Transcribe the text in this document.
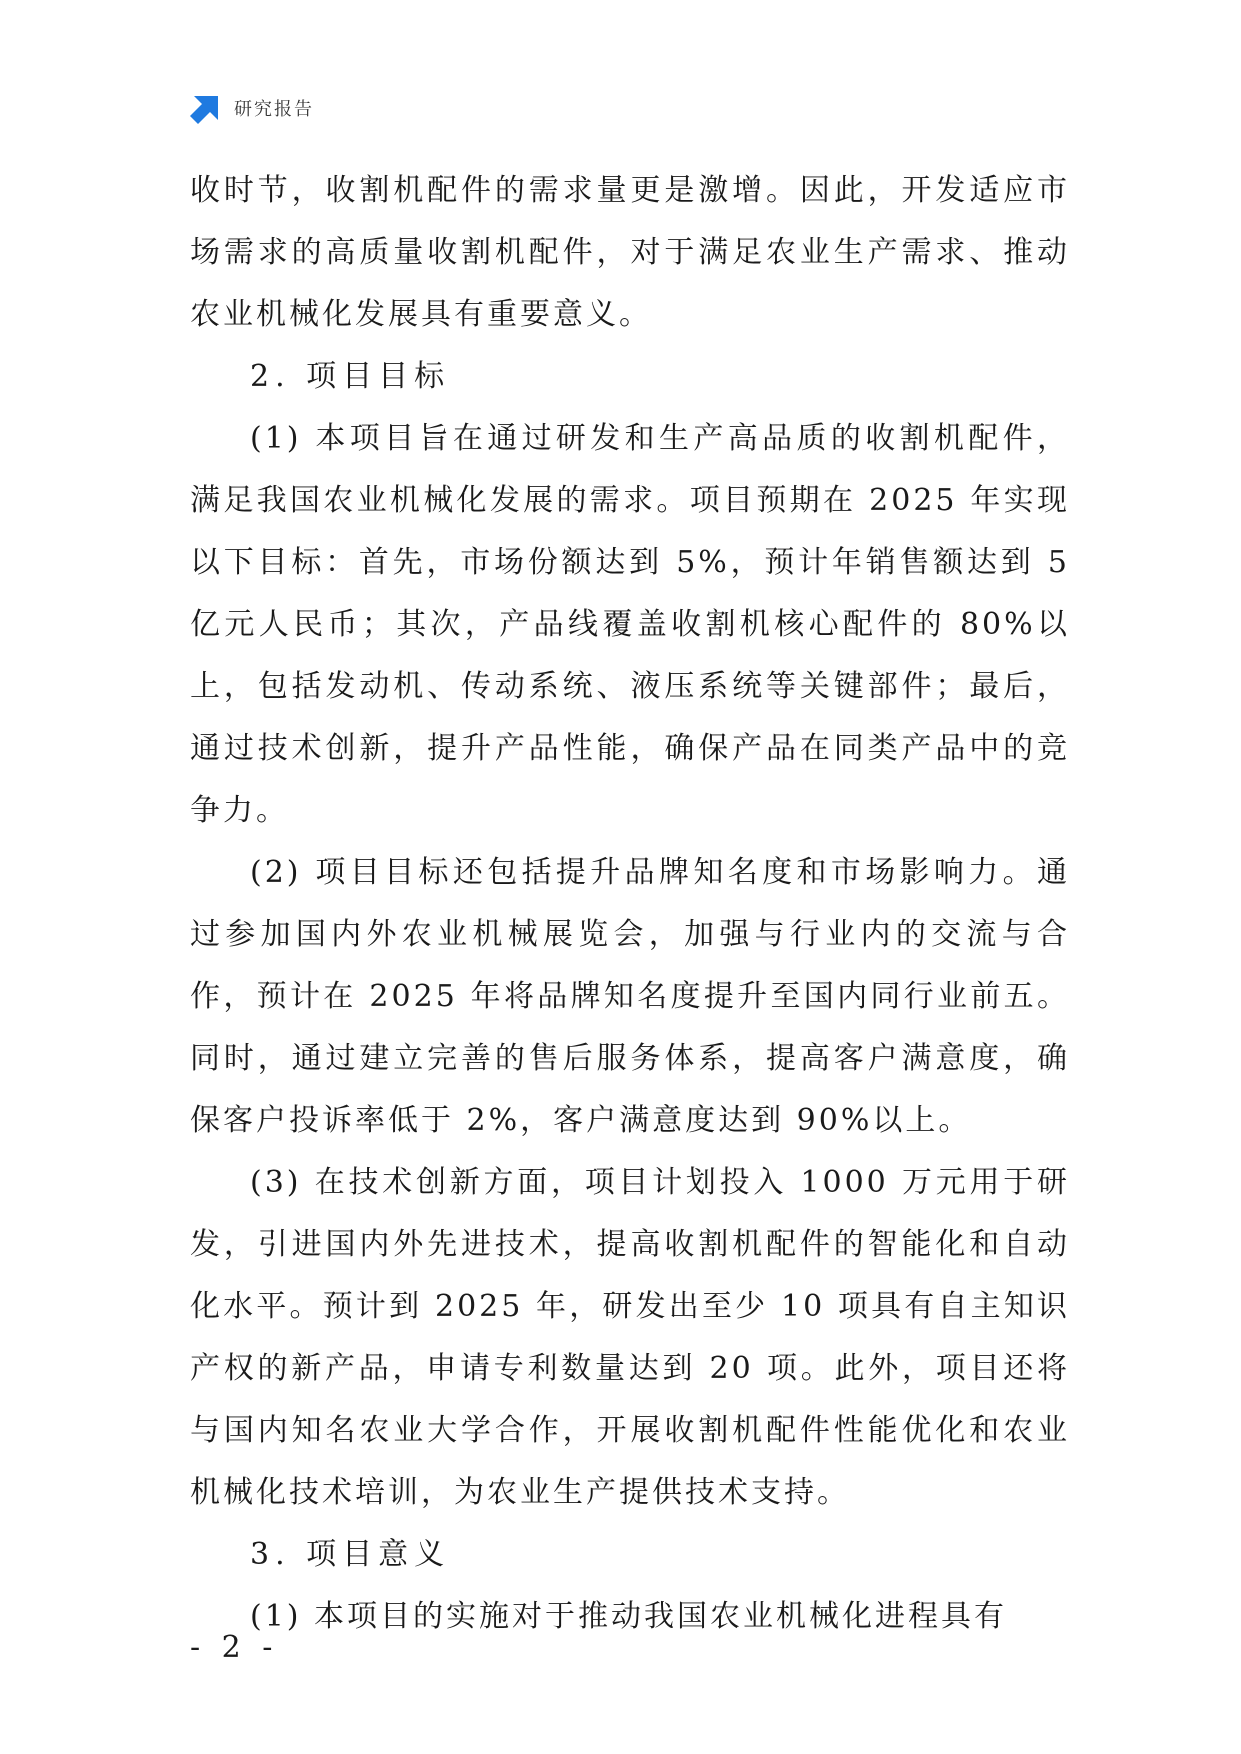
研究报告

收时节，收割机配件的需求量更是激增。因此，开发适应市场需求的高质量收割机配件，对于满足农业生产需求、推动农业机械化发展具有重要意义。

2. 项目目标

(1) 本项目旨在通过研发和生产高品质的收割机配件，满足我国农业机械化发展的需求。项目预期在 2025 年实现以下目标：首先，市场份额达到 5%，预计年销售额达到 5 亿元人民币；其次，产品线覆盖收割机核心配件的 80%以上，包括发动机、传动系统、液压系统等关键部件；最后，通过技术创新，提升产品性能，确保产品在同类产品中的竞争力。

(2) 项目目标还包括提升品牌知名度和市场影响力。通过参加国内外农业机械展览会，加强与行业内的交流与合作，预计在 2025 年将品牌知名度提升至国内同行业前五。同时，通过建立完善的售后服务体系，提高客户满意度，确保客户投诉率低于 2%，客户满意度达到 90%以上。

(3) 在技术创新方面，项目计划投入 1000 万元用于研发，引进国内外先进技术，提高收割机配件的智能化和自动化水平。预计到 2025 年，研发出至少 10 项具有自主知识产权的新产品，申请专利数量达到 20 项。此外，项目还将与国内知名农业大学合作，开展收割机配件性能优化和农业机械化技术培训，为农业生产提供技术支持。

3. 项目意义

(1) 本项目的实施对于推动我国农业机械化进程具有

- 2 -
